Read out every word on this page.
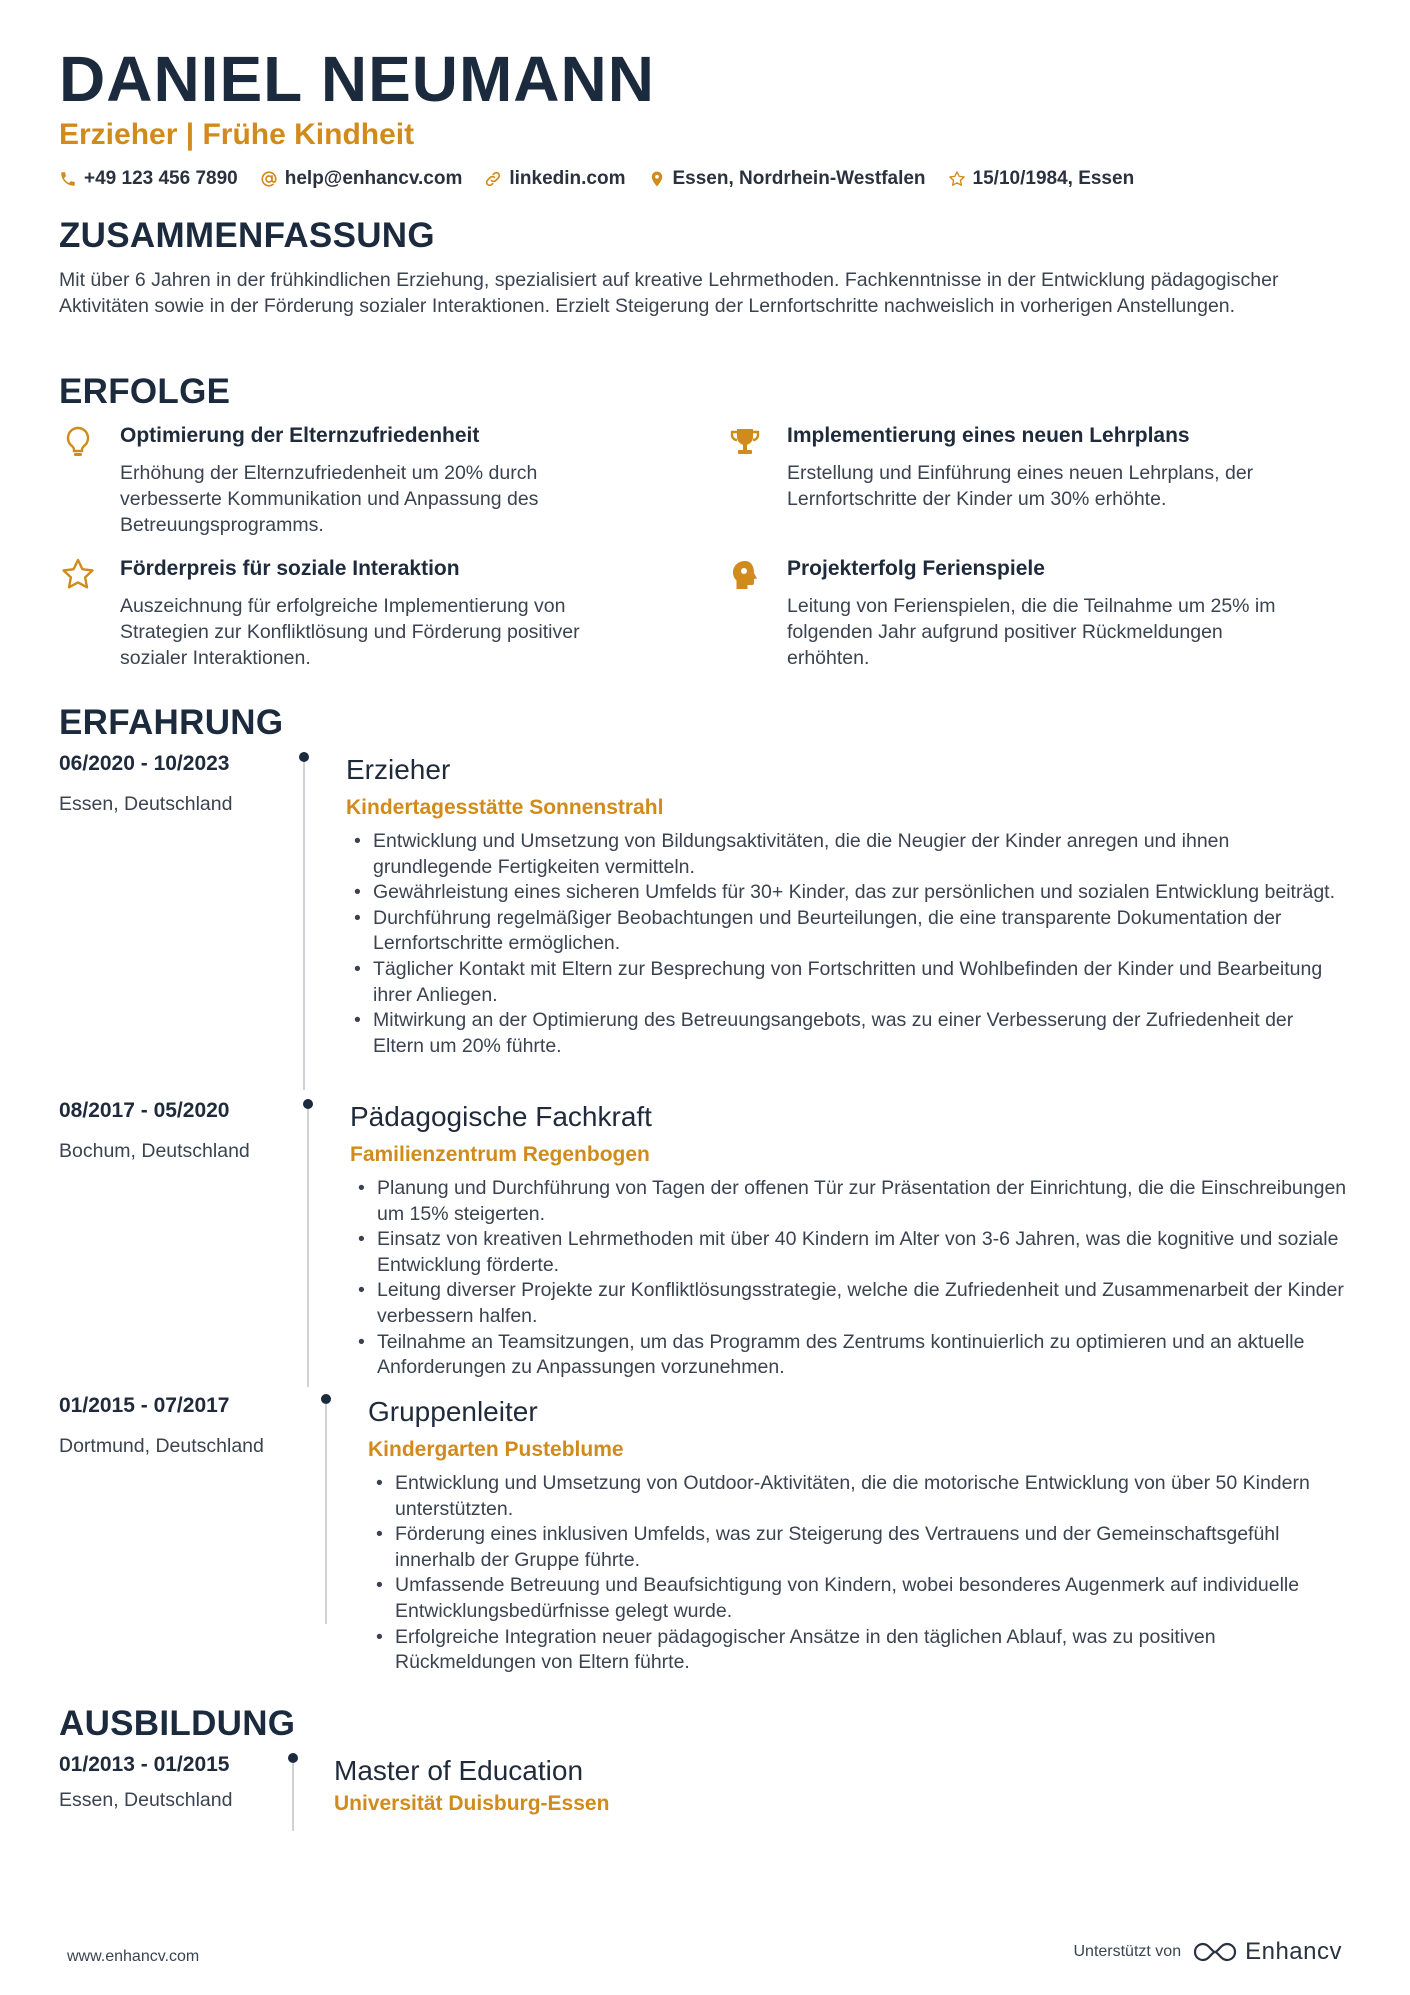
DANIEL NEUMANN
Erzieher | Frühe Kindheit
+49 123 456 7890 help@enhancv.com linkedin.com Essen, Nordrhein-Westfalen 15/10/1984, Essen
ZUSAMMENFASSUNG
Mit über 6 Jahren in der frühkindlichen Erziehung, spezialisiert auf kreative Lehrmethoden. Fachkenntnisse in der Entwicklung pädagogischer Aktivitäten sowie in der Förderung sozialer Interaktionen. Erzielt Steigerung der Lernfortschritte nachweislich in vorherigen Anstellungen.
ERFOLGE
Optimierung der Elternzufriedenheit
Erhöhung der Elternzufriedenheit um 20% durch verbesserte Kommunikation und Anpassung des Betreuungsprogramms.
Implementierung eines neuen Lehrplans
Erstellung und Einführung eines neuen Lehrplans, der Lernfortschritte der Kinder um 30% erhöhte.
Förderpreis für soziale Interaktion
Auszeichnung für erfolgreiche Implementierung von Strategien zur Konfliktlösung und Förderung positiver sozialer Interaktionen.
Projekterfolg Ferienspiele
Leitung von Ferienspielen, die die Teilnahme um 25% im folgenden Jahr aufgrund positiver Rückmeldungen erhöhten.
ERFAHRUNG
06/2020 - 10/2023
Essen, Deutschland
Erzieher
Kindertagesstätte Sonnenstrahl
• Entwicklung und Umsetzung von Bildungsaktivitäten, die die Neugier der Kinder anregen und ihnen grundlegende Fertigkeiten vermitteln.
• Gewährleistung eines sicheren Umfelds für 30+ Kinder, das zur persönlichen und sozialen Entwicklung beiträgt.
• Durchführung regelmäßiger Beobachtungen und Beurteilungen, die eine transparente Dokumentation der Lernfortschritte ermöglichen.
• Täglicher Kontakt mit Eltern zur Besprechung von Fortschritten und Wohlbefinden der Kinder und Bearbeitung ihrer Anliegen.
• Mitwirkung an der Optimierung des Betreuungsangebots, was zu einer Verbesserung der Zufriedenheit der Eltern um 20% führte.
08/2017 - 05/2020
Bochum, Deutschland
Pädagogische Fachkraft
Familienzentrum Regenbogen
• Planung und Durchführung von Tagen der offenen Tür zur Präsentation der Einrichtung, die die Einschreibungen um 15% steigerten.
• Einsatz von kreativen Lehrmethoden mit über 40 Kindern im Alter von 3-6 Jahren, was die kognitive und soziale Entwicklung förderte.
• Leitung diverser Projekte zur Konfliktlösungsstrategie, welche die Zufriedenheit und Zusammenarbeit der Kinder verbessern halfen.
• Teilnahme an Teamsitzungen, um das Programm des Zentrums kontinuierlich zu optimieren und an aktuelle Anforderungen zu Anpassungen vorzunehmen.
01/2015 - 07/2017
Dortmund, Deutschland
Gruppenleiter
Kindergarten Pusteblume
• Entwicklung und Umsetzung von Outdoor-Aktivitäten, die die motorische Entwicklung von über 50 Kindern unterstützten.
• Förderung eines inklusiven Umfelds, was zur Steigerung des Vertrauens und der Gemeinschaftsgefühl innerhalb der Gruppe führte.
• Umfassende Betreuung und Beaufsichtigung von Kindern, wobei besonderes Augenmerk auf individuelle Entwicklungsbedürfnisse gelegt wurde.
• Erfolgreiche Integration neuer pädagogischer Ansätze in den täglichen Ablauf, was zu positiven Rückmeldungen von Eltern führte.
AUSBILDUNG
01/2013 - 01/2015
Essen, Deutschland
Master of Education
Universität Duisburg-Essen
www.enhancv.com	Unterstützt von	Enhancv
